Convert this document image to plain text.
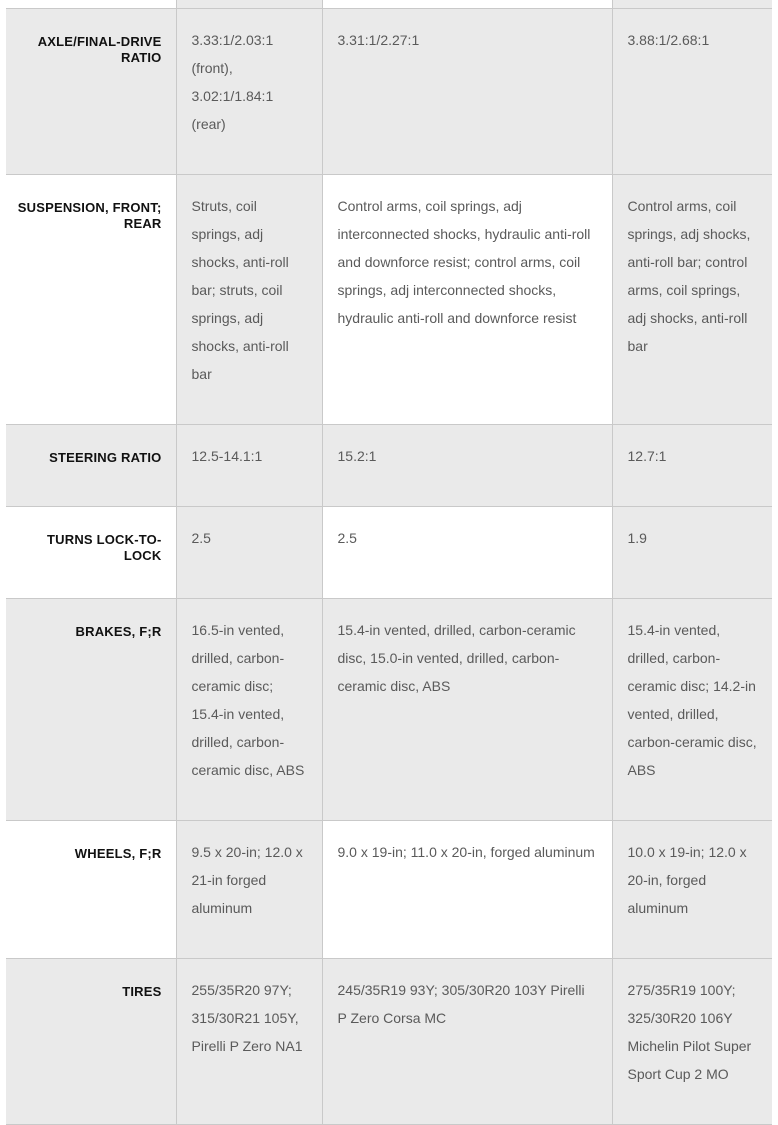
AXLE/FINAL-DRIVE RATIO	3.33:1/2.03:1 (front), 3.02:1/1.84:1 (rear)	3.31:1/2.27:1	3.88:1/2.68:1
SUSPENSION, FRONT; REAR	Struts, coil springs, adj shocks, anti-roll bar; struts, coil springs, adj shocks, anti-roll bar	Control arms, coil springs, adj interconnected shocks, hydraulic anti-roll and downforce resist; control arms, coil springs, adj interconnected shocks, hydraulic anti-roll and downforce resist	Control arms, coil springs, adj shocks, anti-roll bar; control arms, coil springs, adj shocks, anti-roll bar
STEERING RATIO	12.5-14.1:1	15.2:1	12.7:1
TURNS LOCK-TO-LOCK	2.5	2.5	1.9
BRAKES, F;R	16.5-in vented, drilled, carbon-ceramic disc; 15.4-in vented, drilled, carbon-ceramic disc, ABS	15.4-in vented, drilled, carbon-ceramic disc, 15.0-in vented, drilled, carbon-ceramic disc, ABS	15.4-in vented, drilled, carbon-ceramic disc; 14.2-in vented, drilled, carbon-ceramic disc, ABS
WHEELS, F;R	9.5 x 20-in; 12.0 x 21-in forged aluminum	9.0 x 19-in; 11.0 x 20-in, forged aluminum	10.0 x 19-in; 12.0 x 20-in, forged aluminum
TIRES	255/35R20 97Y; 315/30R21 105Y, Pirelli P Zero NA1	245/35R19 93Y; 305/30R20 103Y Pirelli P Zero Corsa MC	275/35R19 100Y; 325/30R20 106Y Michelin Pilot Super Sport Cup 2 MO
